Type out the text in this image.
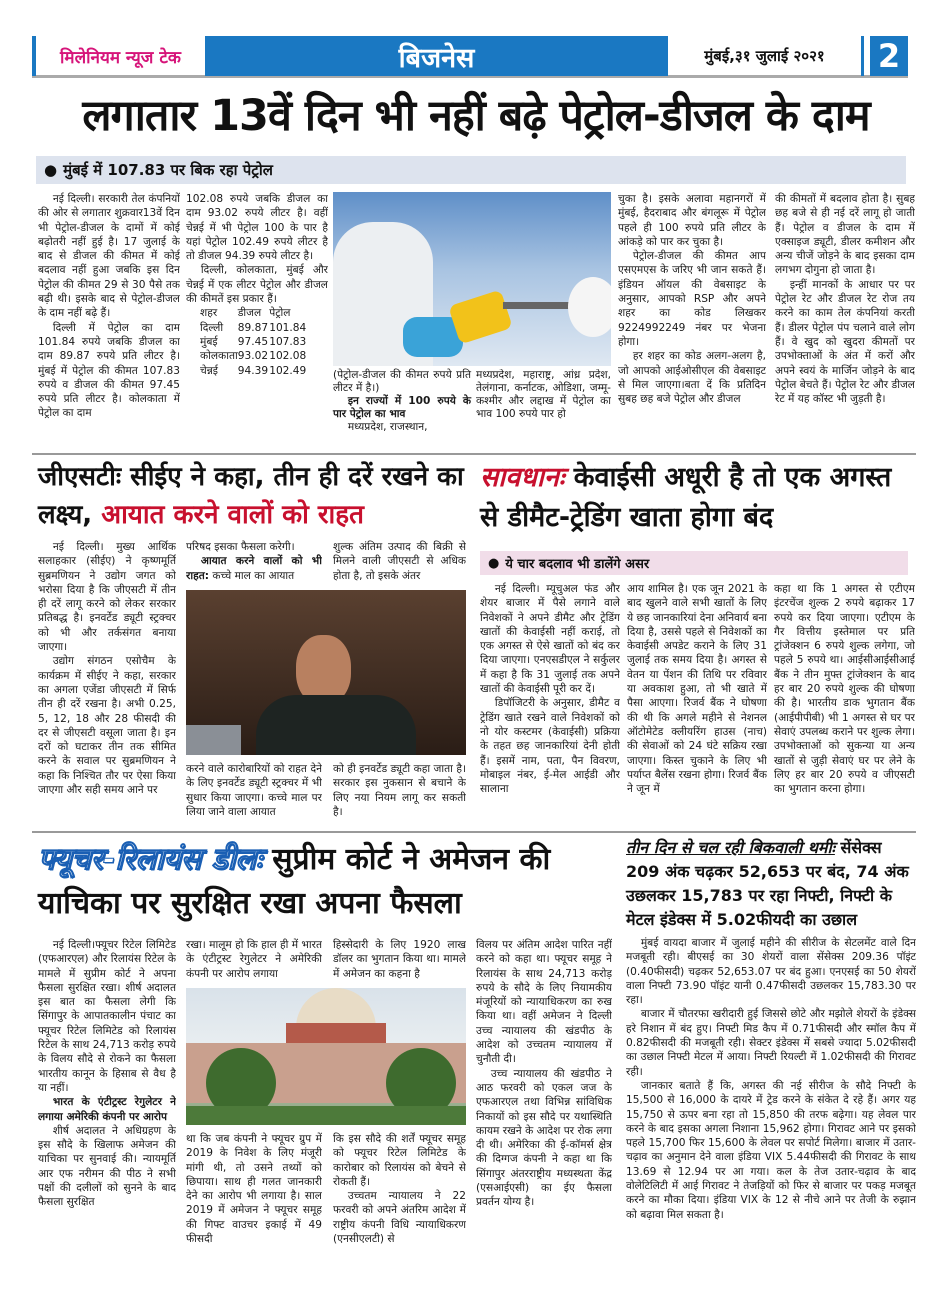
मिलेनियम न्यूज टेक	बिजनेस	मुंबई,३१ जुलाई २०२१	2
लगातार 13वें दिन भी नहीं बढ़े पेट्रोल-डीजल के दाम
● मुंबई में 107.83 पर बिक रहा पेट्रोल

नई दिल्ली। सरकारी तेल कंपनियों की ओर से लगातार शुक्रवार13वें दिन भी पेट्रोल-डीजल के दामों में कोई बढ़ोतरी नहीं हुई है। 17 जुलाई के बाद से डीजल की कीमत में कोई बदलाव नहीं हुआ जबकि इस दिन पेट्रोल की कीमत 29 से 30 पैसे तक बढ़ी थी। इसके बाद से पेट्रोल-डीजल के दाम नहीं बढ़े हैं।

दिल्ली में पेट्रोल का दाम 101.84 रुपये जबकि डीजल का दाम 89.87 रुपये प्रति लीटर है। मुंबई में पेट्रोल की कीमत 107.83 रुपये व डीजल की कीमत 97.45 रुपये प्रति लीटर है। कोलकाता में पेट्रोल का दाम

102.08 रुपये जबकि डीजल का दाम 93.02 रुपये लीटर है। वहीं चेन्नई में भी पेट्रोल 100 के पार है यहां पेट्रोल 102.49 रुपये लीटर है तो डीजल 94.39 रुपये लीटर है।

दिल्ली, कोलकाता, मुंबई और चेन्नई में एक लीटर पेट्रोल और डीजल की कीमतें इस प्रकार हैं।

शहर	डीजल	पेट्रोल
दिल्ली	89.87	101.84
मुंबई	97.45	107.83
कोलकाता	93.02	102.08
चेन्नई	94.39	102.49	(पेट्रोल-डीजल की कीमत रुपये प्रति लीटर में है।)

इन राज्यों में 100 रुपये के पार पेट्रोल का भाव

मध्यप्रदेश, राजस्थान,

मध्यप्रदेश, महाराष्ट्र, आंध्र प्रदेश, तेलंगाना, कर्नाटक, ओडिशा, जम्मू-कश्मीर और लद्दाख में पेट्रोल का भाव 100 रुपये पार हो

चुका है। इसके अलावा महानगरों में मुंबई, हैदराबाद और बंगलूरू में पेट्रोल पहले ही 100 रुपये प्रति लीटर के आंकड़े को पार कर चुका है।

पेट्रोल-डीजल की कीमत आप एसएमएस के जरिए भी जान सकते हैं। इंडियन ऑयल की वेबसाइट के अनुसार, आपको RSP और अपने शहर का कोड लिखकर 9224992249 नंबर पर भेजना होगा।

हर शहर का कोड अलग-अलग है, जो आपको आईओसीएल की वेबसाइट से मिल जाएगा।बता दें कि प्रतिदिन सुबह छह बजे पेट्रोल और डीजल

की कीमतों में बदलाव होता है। सुबह छह बजे से ही नई दरें लागू हो जाती हैं। पेट्रोल व डीजल के दाम में एक्साइज ड्यूटी, डीलर कमीशन और अन्य चीजें जोड़ने के बाद इसका दाम लगभग दोगुना हो जाता है।

इन्हीं मानकों के आधार पर पर पेट्रोल रेट और डीजल रेट रोज तय करने का काम तेल कंपनियां करती हैं। डीलर पेट्रोल पंप चलाने वाले लोग हैं। वे खुद को खुदरा कीमतों पर उपभोक्ताओं के अंत में करों और अपने स्वयं के मार्जिन जोड़ने के बाद पेट्रोल बेचते हैं। पेट्रोल रेट और डीजल रेट में यह कॉस्ट भी जुड़ती है।

जीएसटीः सीईए ने कहा, तीन ही दरें रखने का लक्ष्य, आयात करने वालों को राहत

नई दिल्ली। मुख्य आर्थिक सलाहकार (सीईए) ने कृष्णमूर्ति सुब्रमणियन ने उद्योग जगत को भरोसा दिया है कि जीएसटी में तीन ही दरें लागू करने को लेकर सरकार प्रतिबद्ध है। इनवर्टेड ड्यूटी स्ट्रक्चर को भी और तर्कसंगत बनाया जाएगा।

उद्योग संगठन एसोचैम के कार्यक्रम में सीईए ने कहा, सरकार का अगला एजेंडा जीएसटी में सिर्फ तीन ही दरें रखना है। अभी 0.25, 5, 12, 18 और 28 फीसदी की दर से जीएसटी वसूला जाता है। इन दरों को घटाकर तीन तक सीमित करने के सवाल पर सुब्रमणियन ने कहा कि निश्चित तौर पर ऐसा किया जाएगा और सही समय आने पर

परिषद इसका फैसला करेगी।

आयात करने वालों को भी राहत: कच्चे माल का आयात

शुल्क अंतिम उत्पाद की बिक्री से मिलने वाली जीएसटी से अधिक होता है, तो इसके अंतर

करने वाले कारोबारियों को राहत देने के लिए इनवर्टेड ड्यूटी स्ट्रक्चर में भी सुधार किया जाएगा। कच्चे माल पर लिया जाने वाला आयात

को ही इनवर्टेड ड्यूटी कहा जाता है। सरकार इस नुकसान से बचाने के लिए नया नियम लागू कर सकती है।

सावधानः केवाईसी अधूरी है तो एक अगस्त से डीमैट-ट्रेडिंग खाता होगा बंद
● ये चार बदलाव भी डालेंगे असर

नई दिल्ली। म्यूचुअल फंड और शेयर बाजार में पैसे लगाने वाले निवेशकों ने अपने डीमैट और ट्रेडिंग खातों की केवाईसी नहीं कराई, तो एक अगस्त से ऐसे खातों को बंद कर दिया जाएगा। एनएसडीएल ने सर्कुलर में कहा है कि 31 जुलाई तक अपने खातों की केवाईसी पूरी कर दें।

डिपॉजिटरी के अनुसार, डीमैट व ट्रेडिंग खाते रखने वाले निवेशकों को नो योर कस्टमर (केवाईसी) प्रक्रिया के तहत छह जानकारियां देनी होती हैं। इसमें नाम, पता, पैन विवरण, मोबाइल नंबर, ई-मेल आईडी और सालाना

आय शामिल है। एक जून 2021 के बाद खुलने वाले सभी खातों के लिए ये छह जानकारियां देना अनिवार्य बना दिया है, उससे पहले से निवेशकों का केवाईसी अपडेट कराने के लिए 31 जुलाई तक समय दिया है। अगस्त से वेतन या पेंशन की तिथि पर रविवार या अवकाश हुआ, तो भी खाते में पैसा आएगा। रिजर्व बैंक ने घोषणा की थी कि अगले महीने से नेशनल ऑटोमेटेड क्लीयरिंग हाउस (नाच) की सेवाओं को 24 घंटे सक्रिय रखा जाएगा। किस्त चुकाने के लिए भी पर्याप्त बैलेंस रखना होगा। रिजर्व बैंक ने जून में

कहा था कि 1 अगस्त से एटीएम इंटरचेंज शुल्क 2 रुपये बढ़ाकर 17 रुपये कर दिया जाएगा। एटीएम के गैर वित्तीय इस्तेमाल पर प्रति ट्रांजेक्शन 6 रुपये शुल्क लगेगा, जो पहले 5 रुपये था। आईसीआईसीआई बैंक ने तीन मुफ्त ट्रांजेक्शन के बाद हर बार 20 रुपये शुल्क की घोषणा की है। भारतीय डाक भुगतान बैंक (आईपीपीबी) भी 1 अगस्त से घर पर सेवाएं उपलब्ध कराने पर शुल्क लेगा। उपभोक्ताओं को सुकन्या या अन्य खातों से जुड़ी सेवाएं घर पर लेने के लिए हर बार 20 रुपये व जीएसटी का भुगतान करना होगा।

फ्यूचर-रिलायंस डीलः सुप्रीम कोर्ट ने अमेजन की याचिका पर सुरक्षित रखा अपना फैसला

नई दिल्ली।फ्यूचर रिटेल लिमिटेड (एफआरएल) और रिलायंस रिटेल के मामले में सुप्रीम कोर्ट ने अपना फैसला सुरक्षित रखा। शीर्ष अदालत इस बात का फैसला लेगी कि सिंगापुर के आपातकालीन पंचाट का फ्यूचर रिटेल लिमिटेड को रिलायंस रिटेल के साथ 24,713 करोड़ रुपये के विलय सौदे से रोकने का फैसला भारतीय कानून के हिसाब से वैध है या नहीं।

भारत के एंटीट्रस्ट रेगुलेटर ने लगाया अमेरिकी कंपनी पर आरोप

शीर्ष अदालत ने अधिग्रहण के इस सौदे के खिलाफ अमेजन की याचिका पर सुनवाई की। न्यायमूर्ति आर एफ नरीमन की पीठ ने सभी पक्षों की दलीलों को सुनने के बाद फैसला सुरक्षित

रखा। मालूम हो कि हाल ही में भारत के एंटीट्रस्ट रेगुलेटर ने अमेरिकी कंपनी पर आरोप लगाया

हिस्सेदारी के लिए 1920 लाख डॉलर का भुगतान किया था। मामले में अमेजन का कहना है

था कि जब कंपनी ने फ्यूचर ग्रुप में 2019 के निवेश के लिए मंजूरी मांगी थी, तो उसने तथ्यों को छिपाया। साथ ही गलत जानकारी देने का आरोप भी लगाया है। साल 2019 में अमेजन ने फ्यूचर समूह की गिफ्ट वाउचर इकाई में 49 फीसदी

कि इस सौदे की शर्तें फ्यूचर समूह को फ्यूचर रिटेल लिमिटेड के कारोबार को रिलायंस को बेचने से रोकती हैं।

उच्चतम न्यायालय ने 22 फरवरी को अपने अंतरिम आदेश में राष्ट्रीय कंपनी विधि न्यायाधिकरण (एनसीएलटी) से

विलय पर अंतिम आदेश पारित नहीं करने को कहा था। फ्यूचर समूह ने रिलायंस के साथ 24,713 करोड़ रुपये के सौदे के लिए नियामकीय मंजूरियों को न्यायाधिकरण का रुख किया था। वहीं अमेजन ने दिल्ली उच्च न्यायालय की खंडपीठ के आदेश को उच्चतम न्यायालय में चुनौती दी।

उच्च न्यायालय की खंडपीठ ने आठ फरवरी को एकल जज के एफआरएल तथा विभिन्न सांविधिक निकायों को इस सौदे पर यथास्थिति कायम रखने के आदेश पर रोक लगा दी थी। अमेरिका की ई-कॉमर्स क्षेत्र की दिग्गज कंपनी ने कहा था कि सिंगापुर अंतरराष्ट्रीय मध्यस्थता केंद्र (एसआईएसी) का ईए फैसला प्रवर्तन योग्य है।

तीन दिन से चल रही बिकवाली थमीः सेंसेक्स 209 अंक चढ़कर 52,653 पर बंद, 74 अंक उछलकर 15,783 पर रहा निफ्टी, निफ्टी के मेटल इंडेक्स में 5.02फीयदी का उछाल

मुंबई वायदा बाजार में जुलाई महीने की सीरीज के सेटलमेंट वाले दिन मजबूती रही। बीएसई का 30 शेयरों वाला सेंसेक्स 209.36 पॉइंट (0.40फीसदी) चढ़कर 52,653.07 पर बंद हुआ। एनएसई का 50 शेयरों वाला निफ्टी 73.90 पॉइंट यानी 0.47फीसदी उछलकर 15,783.30 पर रहा।

बाजार में चौतरफा खरीदारी हुई जिससे छोटे और मझोले शेयरों के इंडेक्स हरे निशान में बंद हुए। निफ्टी मिड कैप में 0.71फीसदी और स्मॉल कैप में 0.82फीसदी की मजबूती रही। सेक्टर इंडेक्स में सबसे ज्यादा 5.02फीसदी का उछाल निफ्टी मेटल में आया। निफ्टी रियल्टी में 1.02फीसदी की गिरावट रही।

जानकार बताते हैं कि, अगस्त की नई सीरीज के सौदे निफ्टी के 15,500 से 16,000 के दायरे में ट्रेड करने के संकेत दे रहे हैं। अगर यह 15,750 से ऊपर बना रहा तो 15,850 की तरफ बढ़ेगा। यह लेवल पार करने के बाद इसका अगला निशाना 15,962 होगा। गिरावट आने पर इसको पहले 15,700 फिर 15,600 के लेवल पर सपोर्ट मिलेगा। बाजार में उतार-चढ़ाव का अनुमान देने वाला इंडिया VIX 5.44फीसदी की गिरावट के साथ 13.69 से 12.94 पर आ गया। कल के तेज उतार-चढ़ाव के बाद वोलेटिलिटी में आई गिरावट ने तेजड़ियों को फिर से बाजार पर पकड़ मजबूत करने का मौका दिया। इंडिया VIX के 12 से नीचे आने पर तेजी के रुझान को बढ़ावा मिल सकता है।
